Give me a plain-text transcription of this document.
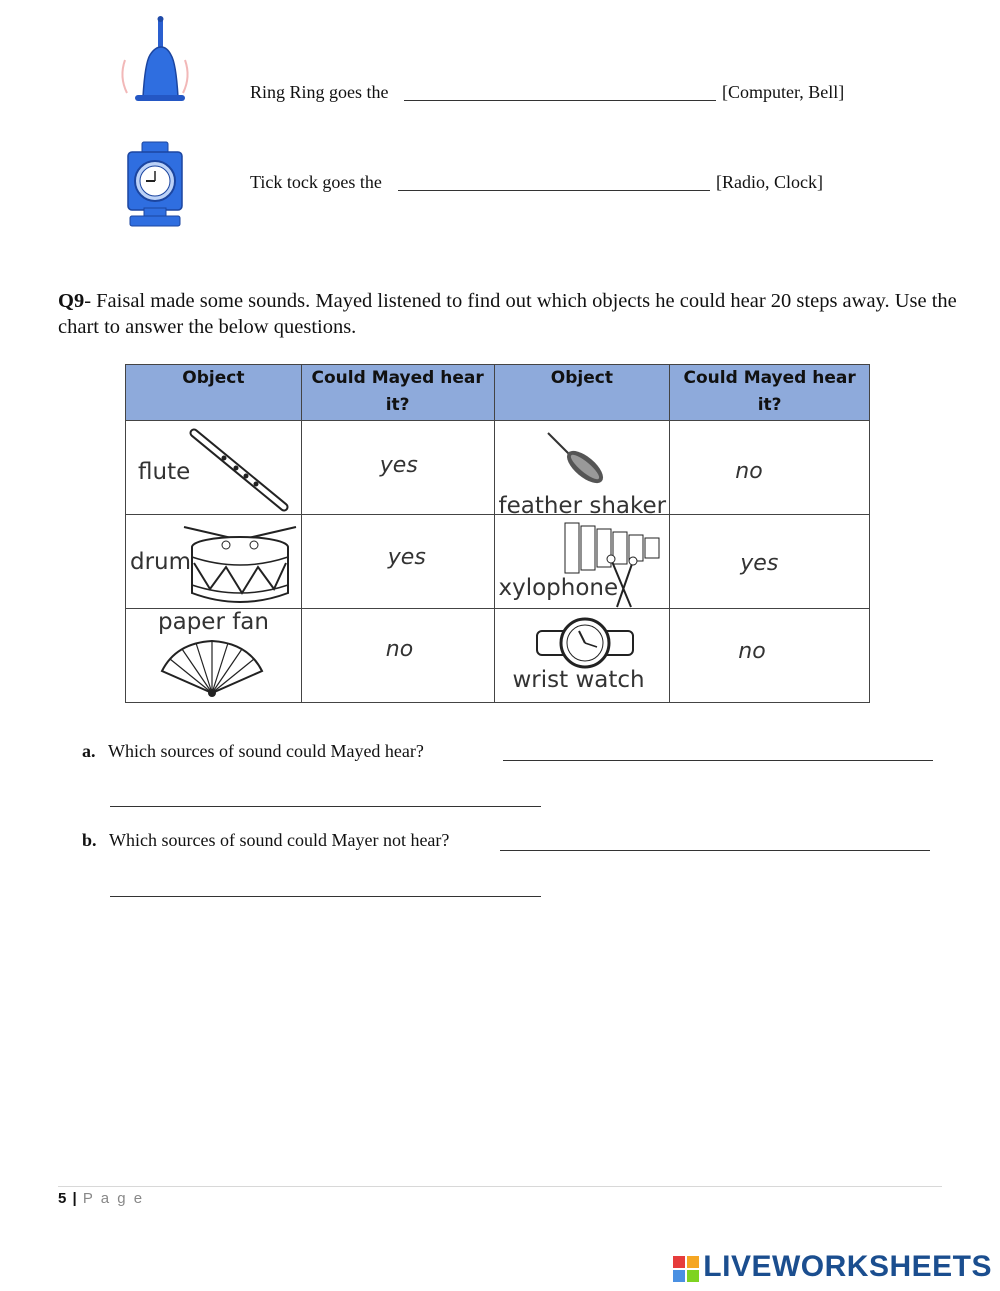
Ring Ring goes the	[Computer, Bell]
Tick tock goes the	[Radio, Clock]
Q9- Faisal made some sounds. Mayed listened to find out which objects he could hear 20 steps away. Use the chart to answer the below questions.
Object	Could Mayed hear it?	Object	Could Mayed hear it?

flute	yes	feather shaker	no

drum	yes	xylophone	yes

paper fan	no	wrist watch	no
a. Which sources of sound could Mayed hear?
b. Which sources of sound could Mayer not hear?
5 | P a g e
LIVEWORKSHEETS
